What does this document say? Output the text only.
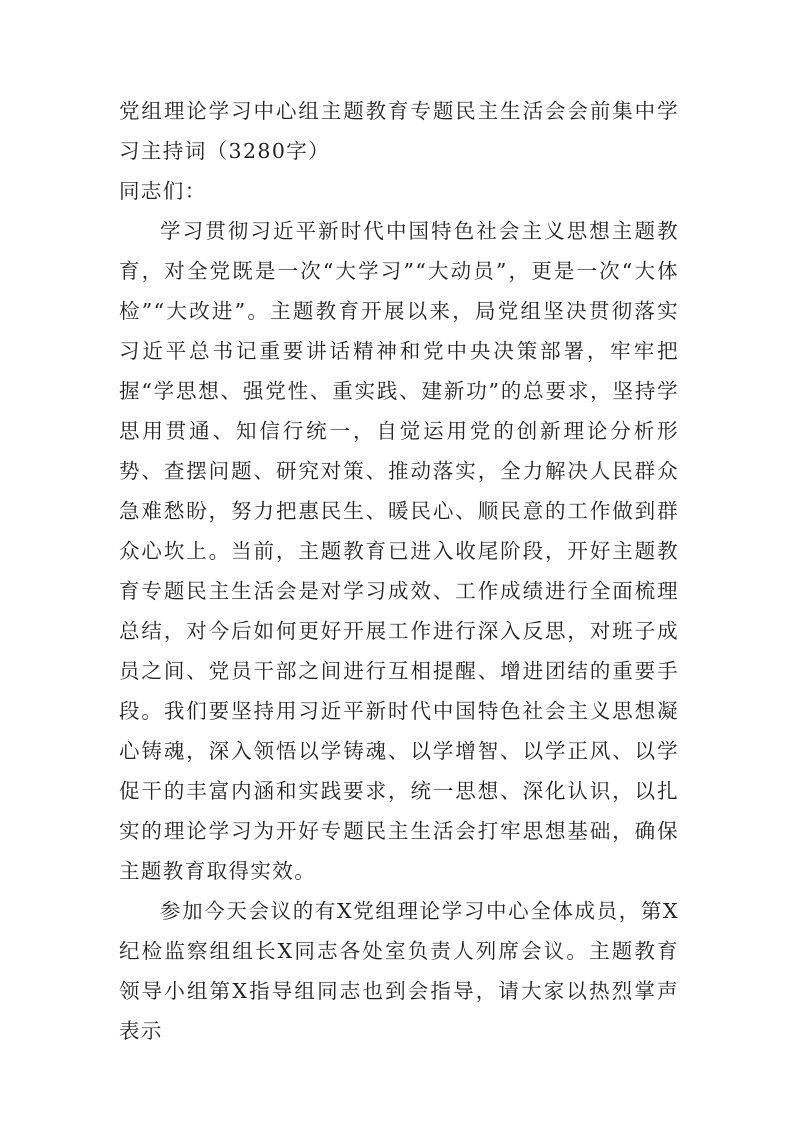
党组理论学习中心组主题教育专题民主生活会会前集中学习主持词（3280字）

同志们：

学习贯彻习近平新时代中国特色社会主义思想主题教育，对全党既是一次“大学习”“大动员”，更是一次“大体检”“大改进”。主题教育开展以来，局党组坚决贯彻落实习近平总书记重要讲话精神和党中央决策部署，牢牢把握“学思想、强党性、重实践、建新功”的总要求，坚持学思用贯通、知信行统一，自觉运用党的创新理论分析形势、查摆问题、研究对策、推动落实，全力解决人民群众急难愁盼，努力把惠民生、暖民心、顺民意的工作做到群众心坎上。当前，主题教育已进入收尾阶段，开好主题教育专题民主生活会是对学习成效、工作成绩进行全面梳理总结，对今后如何更好开展工作进行深入反思，对班子成员之间、党员干部之间进行互相提醒、增进团结的重要手段。我们要坚持用习近平新时代中国特色社会主义思想凝心铸魂，深入领悟以学铸魂、以学增智、以学正风、以学促干的丰富内涵和实践要求，统一思想、深化认识，以扎实的理论学习为开好专题民主生活会打牢思想基础，确保主题教育取得实效。

参加今天会议的有X党组理论学习中心全体成员，第X纪检监察组组长X同志各处室负责人列席会议。主题教育领导小组第X指导组同志也到会指导，请大家以热烈掌声表示
